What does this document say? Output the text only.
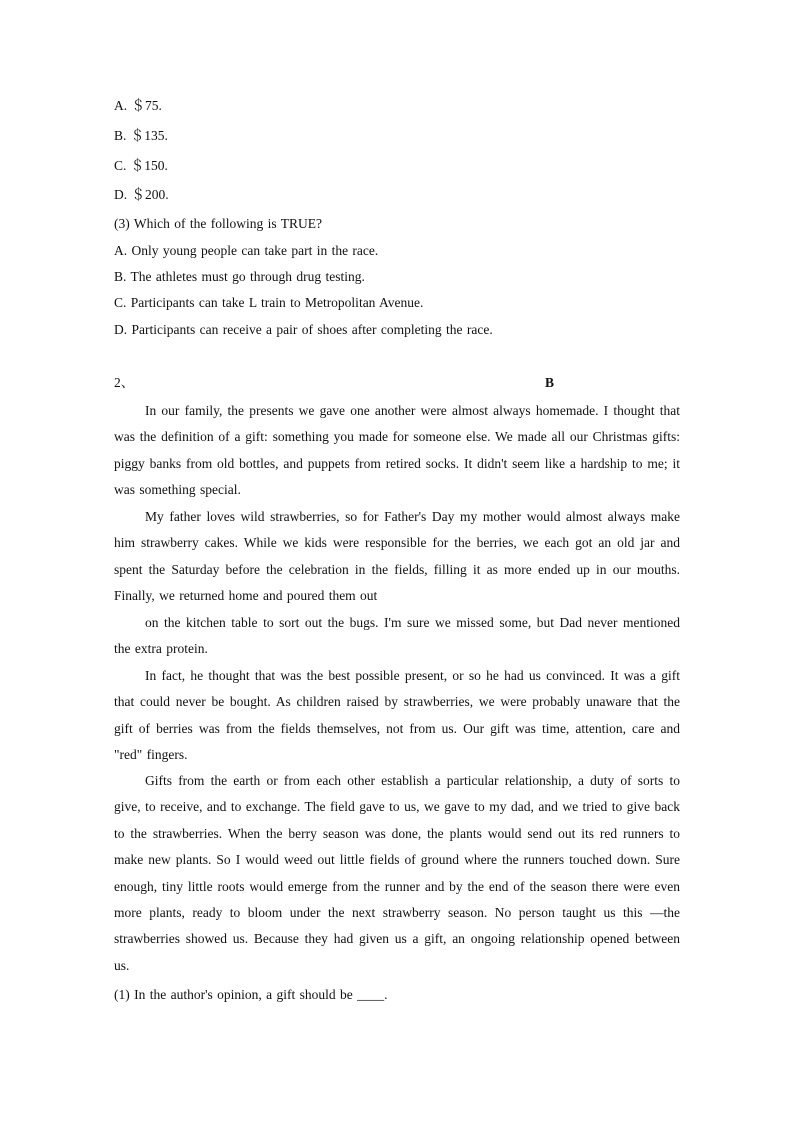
A. ＄75.
B. ＄135.
C. ＄150.
D. ＄200.
(3) Which of the following is TRUE?
A. Only young people can take part in the race.
B. The athletes must go through drug testing.
C. Participants can take L train to Metropolitan Avenue.
D. Participants can receive a pair of shoes after completing the race.
2、	B
In our family, the presents we gave one another were almost always homemade. I thought that was the definition of a gift: something you made for someone else. We made all our Christmas gifts: piggy banks from old bottles, and puppets from retired socks. It didn't seem like a hardship to me; it was something special.
My father loves wild strawberries, so for Father's Day my mother would almost always make him strawberry cakes. While we kids were responsible for the berries, we each got an old jar and spent the Saturday before the celebration in the fields, filling it as more ended up in our mouths. Finally, we returned home and poured them out
on the kitchen table to sort out the bugs. I'm sure we missed some, but Dad never mentioned the extra protein.
In fact, he thought that was the best possible present, or so he had us convinced. It was a gift that could never be bought. As children raised by strawberries, we were probably unaware that the gift of berries was from the fields themselves, not from us. Our gift was time, attention, care and "red" fingers.
Gifts from the earth or from each other establish a particular relationship, a duty of sorts to give, to receive, and to exchange. The field gave to us, we gave to my dad, and we tried to give back to the strawberries. When the berry season was done, the plants would send out its red runners to make new plants. So I would weed out little fields of ground where the runners touched down. Sure enough, tiny little roots would emerge from the runner and by the end of the season there were even more plants, ready to bloom under the next strawberry season. No person taught us this —the strawberries showed us. Because they had given us a gift, an ongoing relationship opened between us.
(1) In the author's opinion, a gift should be ____.
